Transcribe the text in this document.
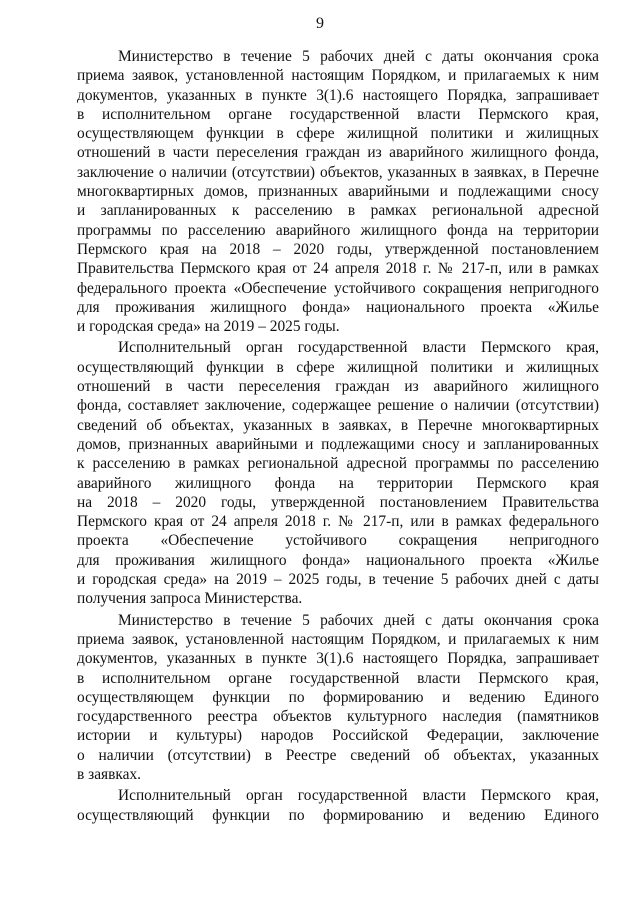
9
Министерство в течение 5 рабочих дней с даты окончания срока
приема заявок, установленной настоящим Порядком, и прилагаемых к ним
документов, указанных в пункте 3(1).6 настоящего Порядка, запрашивает
в исполнительном органе государственной власти Пермского края,
осуществляющем функции в сфере жилищной политики и жилищных
отношений в части переселения граждан из аварийного жилищного фонда,
заключение о наличии (отсутствии) объектов, указанных в заявках, в Перечне
многоквартирных домов, признанных аварийными и подлежащими сносу
и запланированных к расселению в рамках региональной адресной
программы по расселению аварийного жилищного фонда на территории
Пермского края на 2018 – 2020 годы, утвержденной постановлением
Правительства Пермского края от 24 апреля 2018 г. № 217-п, или в рамках
федерального проекта «Обеспечение устойчивого сокращения непригодного
для проживания жилищного фонда» национального проекта «Жилье
и городская среда» на 2019 – 2025 годы.
Исполнительный орган государственной власти Пермского края,
осуществляющий функции в сфере жилищной политики и жилищных
отношений в части переселения граждан из аварийного жилищного
фонда, составляет заключение, содержащее решение о наличии (отсутствии)
сведений об объектах, указанных в заявках, в Перечне многоквартирных
домов, признанных аварийными и подлежащими сносу и запланированных
к расселению в рамках региональной адресной программы по расселению
аварийного жилищного фонда на территории Пермского края
на 2018 – 2020 годы, утвержденной постановлением Правительства
Пермского края от 24 апреля 2018 г. № 217-п, или в рамках федерального
проекта «Обеспечение устойчивого сокращения непригодного
для проживания жилищного фонда» национального проекта «Жилье
и городская среда» на 2019 – 2025 годы, в течение 5 рабочих дней с даты
получения запроса Министерства.
Министерство в течение 5 рабочих дней с даты окончания срока
приема заявок, установленной настоящим Порядком, и прилагаемых к ним
документов, указанных в пункте 3(1).6 настоящего Порядка, запрашивает
в исполнительном органе государственной власти Пермского края,
осуществляющем функции по формированию и ведению Единого
государственного реестра объектов культурного наследия (памятников
истории и культуры) народов Российской Федерации, заключение
о наличии (отсутствии) в Реестре сведений об объектах, указанных
в заявках.
Исполнительный орган государственной власти Пермского края,
осуществляющий функции по формированию и ведению Единого
